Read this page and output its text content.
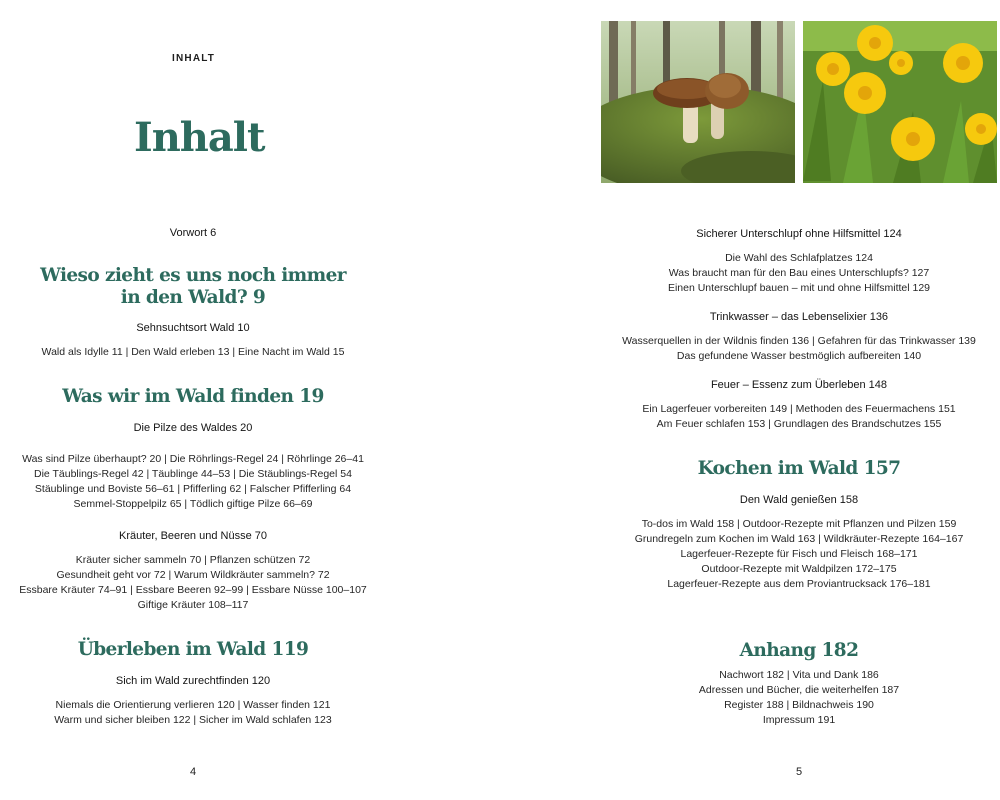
INHALT
Inhalt
Vorwort 6
Wieso zieht es uns noch immer
in den Wald? 9
Sehnsuchtsort Wald 10
Wald als Idylle 11 | Den Wald erleben 13 | Eine Nacht im Wald 15
Was wir im Wald finden 19
Die Pilze des Waldes 20
Was sind Pilze überhaupt? 20 | Die Röhrlings-Regel 24 | Röhrlinge 26–41
Die Täublings-Regel 42 | Täublinge 44–53 | Die Stäublings-Regel 54
Stäublinge und Boviste 56–61 | Pfifferling 62 | Falscher Pfifferling 64
Semmel-Stoppelpilz 65 | Tödlich giftige Pilze 66–69
Kräuter, Beeren und Nüsse 70
Kräuter sicher sammeln 70 | Pflanzen schützen 72
Gesundheit geht vor 72 | Warum Wildkräuter sammeln? 72
Essbare Kräuter 74–91 | Essbare Beeren 92–99 | Essbare Nüsse 100–107
Giftige Kräuter 108–117
Überleben im Wald 119
Sich im Wald zurechtfinden 120
Niemals die Orientierung verlieren 120 | Wasser finden 121
Warm und sicher bleiben 122 | Sicher im Wald schlafen 123
4
Sicherer Unterschlupf ohne Hilfsmittel 124
Die Wahl des Schlafplatzes 124
Was braucht man für den Bau eines Unterschlupfs? 127
Einen Unterschlupf bauen – mit und ohne Hilfsmittel 129
Trinkwasser – das Lebenselixier 136
Wasserquellen in der Wildnis finden 136 | Gefahren für das Trinkwasser 139
Das gefundene Wasser bestmöglich aufbereiten 140
Feuer – Essenz zum Überleben 148
Ein Lagerfeuer vorbereiten 149 | Methoden des Feuermachens 151
Am Feuer schlafen 153 | Grundlagen des Brandschutzes 155
Kochen im Wald 157
Den Wald genießen 158
To-dos im Wald 158 | Outdoor-Rezepte mit Pflanzen und Pilzen 159
Grundregeln zum Kochen im Wald 163 | Wildkräuter-Rezepte 164–167
Lagerfeuer-Rezepte für Fisch und Fleisch 168–171
Outdoor-Rezepte mit Waldpilzen 172–175
Lagerfeuer-Rezepte aus dem Proviantrucksack 176–181
Anhang 182
Nachwort 182 | Vita und Dank 186
Adressen und Bücher, die weiterhelfen 187
Register 188 | Bildnachweis 190
Impressum 191
5
